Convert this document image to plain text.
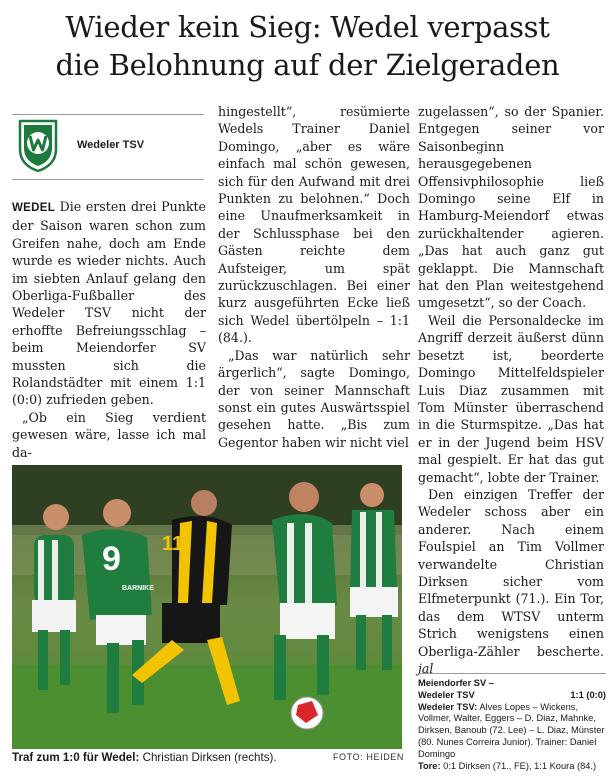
Wieder kein Sieg: Wedel verpasst
die Belohnung auf der Zielgeraden
Wedeler TSV

WEDEL Die ersten drei Punkte der Saison waren schon zum Greifen nahe, doch am Ende wurde es wieder nichts. Auch im siebten Anlauf gelang den Oberliga-Fußballer des Wedeler TSV nicht der erhoffte Befreiungsschlag – beim Meiendorfer SV mussten sich die Rolandstädter mit einem 1:1 (0:0) zufrieden geben.

„Ob ein Sieg verdient gewesen wäre, lasse ich mal da-

hingestellt“, resümierte Wedels Trainer Daniel Domingo, „aber es wäre einfach mal schön gewesen, sich für den Aufwand mit drei Punkten zu belohnen.“ Doch eine Unaufmerksamkeit in der Schlussphase bei den Gästen reichte dem Aufsteiger, um spät zurückzuschlagen. Bei einer kurz ausgeführten Ecke ließ sich Wedel übertölpeln – 1:1 (84.).

„Das war natürlich sehr ärgerlich“, sagte Domingo, der von seiner Mannschaft sonst ein gutes Auswärtsspiel gesehen hatte. „Bis zum Gegentor haben wir nicht viel

zugelassen“, so der Spanier. Entgegen seiner vor Saisonbeginn herausgegebenen Offensivphilosophie ließ Domingo seine Elf in Hamburg-Meiendorf etwas zurückhaltender agieren. „Das hat auch ganz gut geklappt. Die Mannschaft hat den Plan weitestgehend umgesetzt“, so der Coach.

Weil die Personaldecke im Angriff derzeit äußerst dünn besetzt ist, beorderte Domingo Mittelfeldspieler Luis Diaz zusammen mit Tom Münster überraschend in die Sturmspitze. „Das hat er in der Jugend beim HSV mal gespielt. Er hat das gut gemacht“, lobte der Trainer.

Den einzigen Treffer der Wedeler schoss aber ein anderer. Nach einem Foulspiel an Tim Vollmer verwandelte Christian Dirksen sicher vom Elfmeterpunkt (71.). Ein Tor, das dem WTSV unterm Strich wenigstens einen Oberliga-Zähler bescherte. jal

9
BARNIKE
11
Traf zum 1:0 für Wedel: Christian Dirksen (rechts).	FOTO: HEIDEN
Meiendorfer SV –
Wedeler TSV	1:1 (0:0)
Wedeler TSV: Alves Lopes – Wickens, Vollmer, Walter, Eggers – D. Diaz, Mahnke, Dirksen, Banoub (72. Lee) – L. Diaz, Münster (80. Nunes Correira Junior). Trainer: Daniel Domingo
Tore: 0:1 Dirksen (71., FE), 1:1 Koura (84.)
